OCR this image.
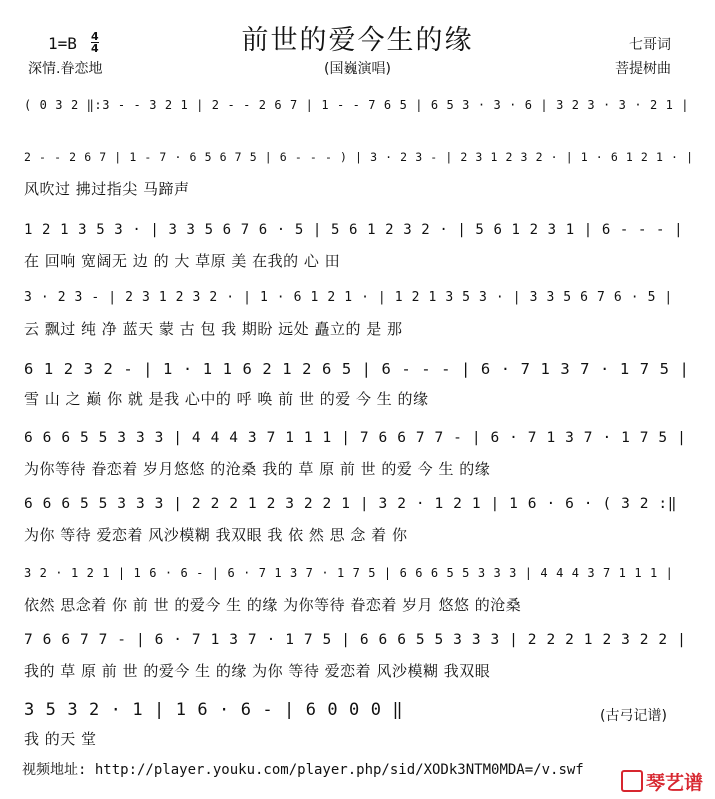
前世的爱今生的缘
1=B 4
4	七哥词
菩提树曲
深情.眷恋地	(国巍演唱)
( 0 3 2 ‖:3 - - 3 2 1 | 2 - - 2 6 7 | 1 - - 7 6 5 | 6 5 3 · 3 · 6 | 3 2 3 · 3 · 2 1 |
2 - - 2 6 7 | 1 - 7 · 6 5 6 7 5 | 6 - - - ) | 3 · 2 3 - | 2 3 1 2 3 2 · | 1 · 6 1 2 1 · |
风吹过 拂过指尖 马蹄声
1 2 1 3 5 3 · | 3 3 5 6 7 6 · 5 | 5 6 1 2 3 2 · | 5 6 1 2 3 1 | 6 - - - |
在 回响 宽阔无 边 的 大 草原 美 在我的 心 田
3 · 2 3 - | 2 3 1 2 3 2 · | 1 · 6 1 2 1 · | 1 2 1 3 5 3 · | 3 3 5 6 7 6 · 5 |
云 飘过 纯 净 蓝天 蒙 古 包 我 期盼 远处 矗立的 是 那
6 1 2 3 2 - | 1 · 1 1 6 2 1 2 6 5 | 6 - - - | 6 · 7 1 3 7 · 1 7 5 |
雪 山 之 巅 你 就 是我 心中的 呼 唤 前 世 的爱 今 生 的缘
6 6 6 5 5 3 3 3 | 4 4 4 3 7 1 1 1 | 7 6 6 7 7 - | 6 · 7 1 3 7 · 1 7 5 |
为你等待 眷恋着 岁月悠悠 的沧桑 我的 草 原 前 世 的爱 今 生 的缘
6 6 6 5 5 3 3 3 | 2 2 2 1 2 3 2 2 1 | 3 2 · 1 2 1 | 1 6 · 6 · ( 3 2 :‖
为你 等待 爱恋着 风沙模糊 我双眼 我 依 然 思 念 着 你
3 2 · 1 2 1 | 1 6 · 6 - | 6 · 7 1 3 7 · 1 7 5 | 6 6 6 5 5 3 3 3 | 4 4 4 3 7 1 1 1 |
依然 思念着 你 前 世 的爱今 生 的缘 为你等待 眷恋着 岁月 悠悠 的沧桑
7 6 6 7 7 - | 6 · 7 1 3 7 · 1 7 5 | 6 6 6 5 5 3 3 3 | 2 2 2 1 2 3 2 2 |
我的 草 原 前 世 的爱今 生 的缘 为你 等待 爱恋着 风沙模糊 我双眼
3 5 3 2 · 1 | 1 6 · 6 - | 6 0 0 0 ‖
我 的天 堂
(古弓记谱)
视频地址: http://player.youku.com/player.php/sid/XODk3NTM0MDA=/v.swf
琴艺谱
